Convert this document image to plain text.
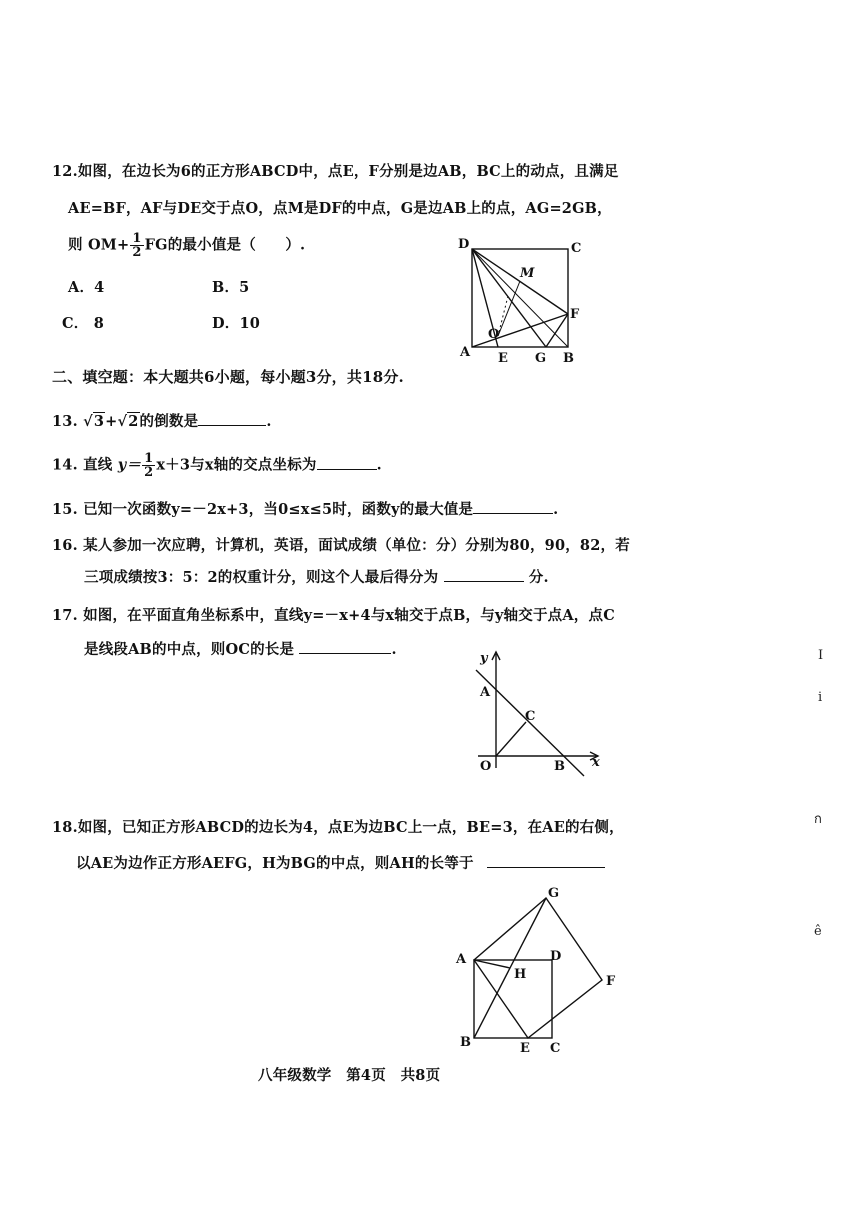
12.如图，在边长为6的正方形ABCD中，点E，F分别是边AB，BC上的动点，且满足
AE=BF，AF与DE交于点O，点M是DF的中点，G是边AB上的点，AG=2GB，
则 $OM+ \frac{1}{2}$ FG的最小值是（　　）.
A．4	B．5
C． 8	D．10
D	C
M
F
O
A E G B
二、填空题：本大题共6小题，每小题3分，共18分.
13. √3+√2的倒数是	.
14. 直线 $y= \frac{1}{2} x+3$与x轴的交点坐标为	.
15. 已知一次函数y=－2x+3，当0≤x≤5时，函数y的最大值是	.
16. 某人参加一次应聘，计算机，英语，面试成绩（单位：分）分别为80，90，82，若
三项成绩按3：5：2的权重计分，则这个人最后得分为	分.
17. 如图，在平面直角坐标系中，直线y=－x+4与x轴交于点B，与y轴交于点A，点C
是线段AB的中点，则OC的长是	.
y
A
C
O	B x
18.如图，已知正方形ABCD的边长为4，点E为边BC上一点，BE=3，在AE的右侧，
以AE为边作正方形AEFG，H为BG的中点，则AH的长等于
G
A	D
H	F
B	E C
八年级数学　第4页　共8页
I
i
ก
ê
